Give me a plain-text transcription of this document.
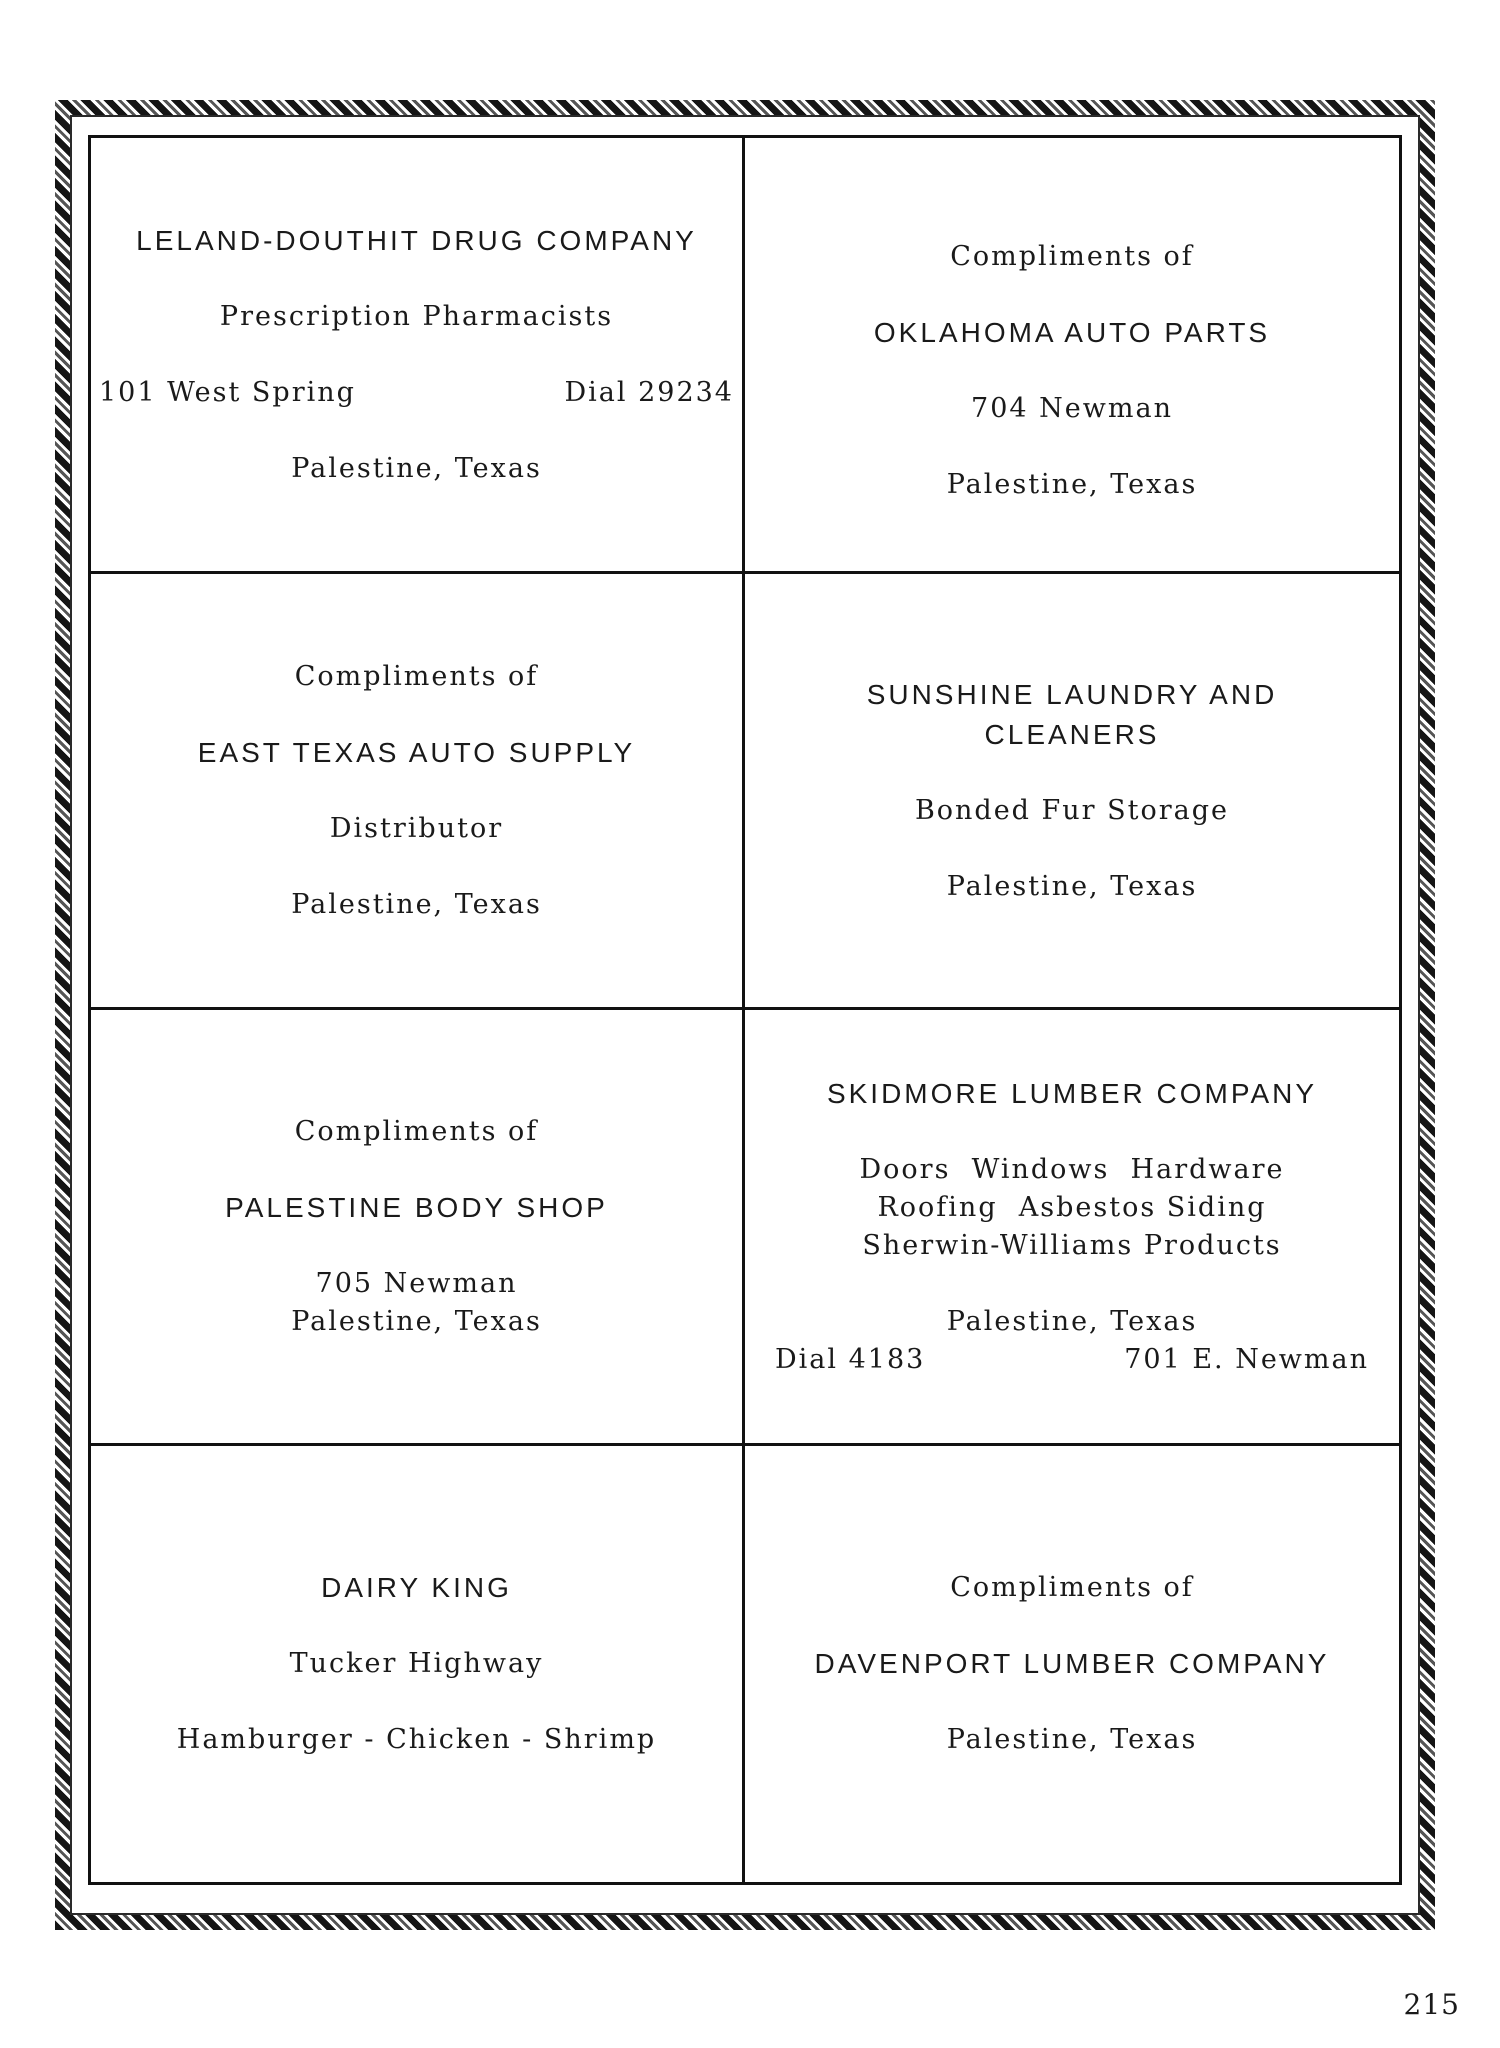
LELAND-DOUTHIT DRUG COMPANY
Prescription Pharmacists
101 West Spring	Dial 29234
Palestine, Texas
Compliments of
OKLAHOMA AUTO PARTS
704 Newman
Palestine, Texas
Compliments of
EAST TEXAS AUTO SUPPLY
Distributor
Palestine, Texas
SUNSHINE LAUNDRY AND
CLEANERS
Bonded Fur Storage
Palestine, Texas
Compliments of
PALESTINE BODY SHOP
705 Newman
Palestine, Texas
SKIDMORE LUMBER COMPANY
Doors  Windows  Hardware
Roofing  Asbestos Siding
Sherwin-Williams Products
Palestine, Texas
Dial 4183	701 E. Newman
DAIRY KING
Tucker Highway
Hamburger - Chicken - Shrimp
Compliments of
DAVENPORT LUMBER COMPANY
Palestine, Texas
215
